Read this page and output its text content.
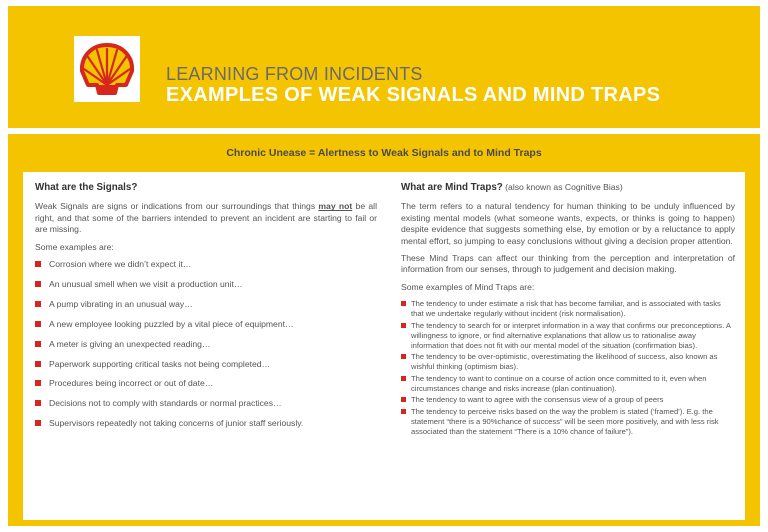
LEARNING FROM INCIDENTS
EXAMPLES OF WEAK SIGNALS AND MIND TRAPS
Chronic Unease = Alertness to Weak Signals and to Mind Traps
What are the Signals?

Weak Signals are signs or indications from our surroundings that things may not be all right, and that some of the barriers intended to prevent an incident are starting to fail or are missing.

Some examples are:

Corrosion where we didn’t expect it…
An unusual smell when we visit a production unit…
A pump vibrating in an unusual way…
A new employee looking puzzled by a vital piece of equipment…
A meter is giving an unexpected reading…
Paperwork supporting critical tasks not being completed…
Procedures being incorrect or out of date…
Decisions not to comply with standards or normal practices…
Supervisors repeatedly not taking concerns of junior staff seriously.
What are Mind Traps? (also known as Cognitive Bias)

The term refers to a natural tendency for human thinking to be unduly influenced by existing mental models (what someone wants, expects, or thinks is going to happen) despite evidence that suggests something else, by emotion or by a reluctance to apply mental effort, so jumping to easy conclusions without giving a decision proper attention.

These Mind Traps can affect our thinking from the perception and interpretation of information from our senses, through to judgement and decision making.

Some examples of Mind Traps are:

The tendency to under estimate a risk that has become familiar, and is associated with tasks that we undertake regularly without incident (risk normalisation).
The tendency to search for or interpret information in a way that confirms our preconceptions. A willingness to ignore, or find alternative explanations that allow us to rationalise away information that does not fit with our mental model of the situation (confirmation bias).
The tendency to be over-optimistic, overestimating the likelihood of success, also known as wishful thinking (optimism bias).
The tendency to want to continue on a course of action once committed to it, even when circumstances change and risks increase (plan continuation).
The tendency to want to agree with the consensus view of a group of peers
The tendency to perceive risks based on the way the problem is stated (‘framed’). E.g. the statement “there is a 90%chance of success” will be seen more positively, and with less risk associated than the statement “There is a 10% chance of failure”).
